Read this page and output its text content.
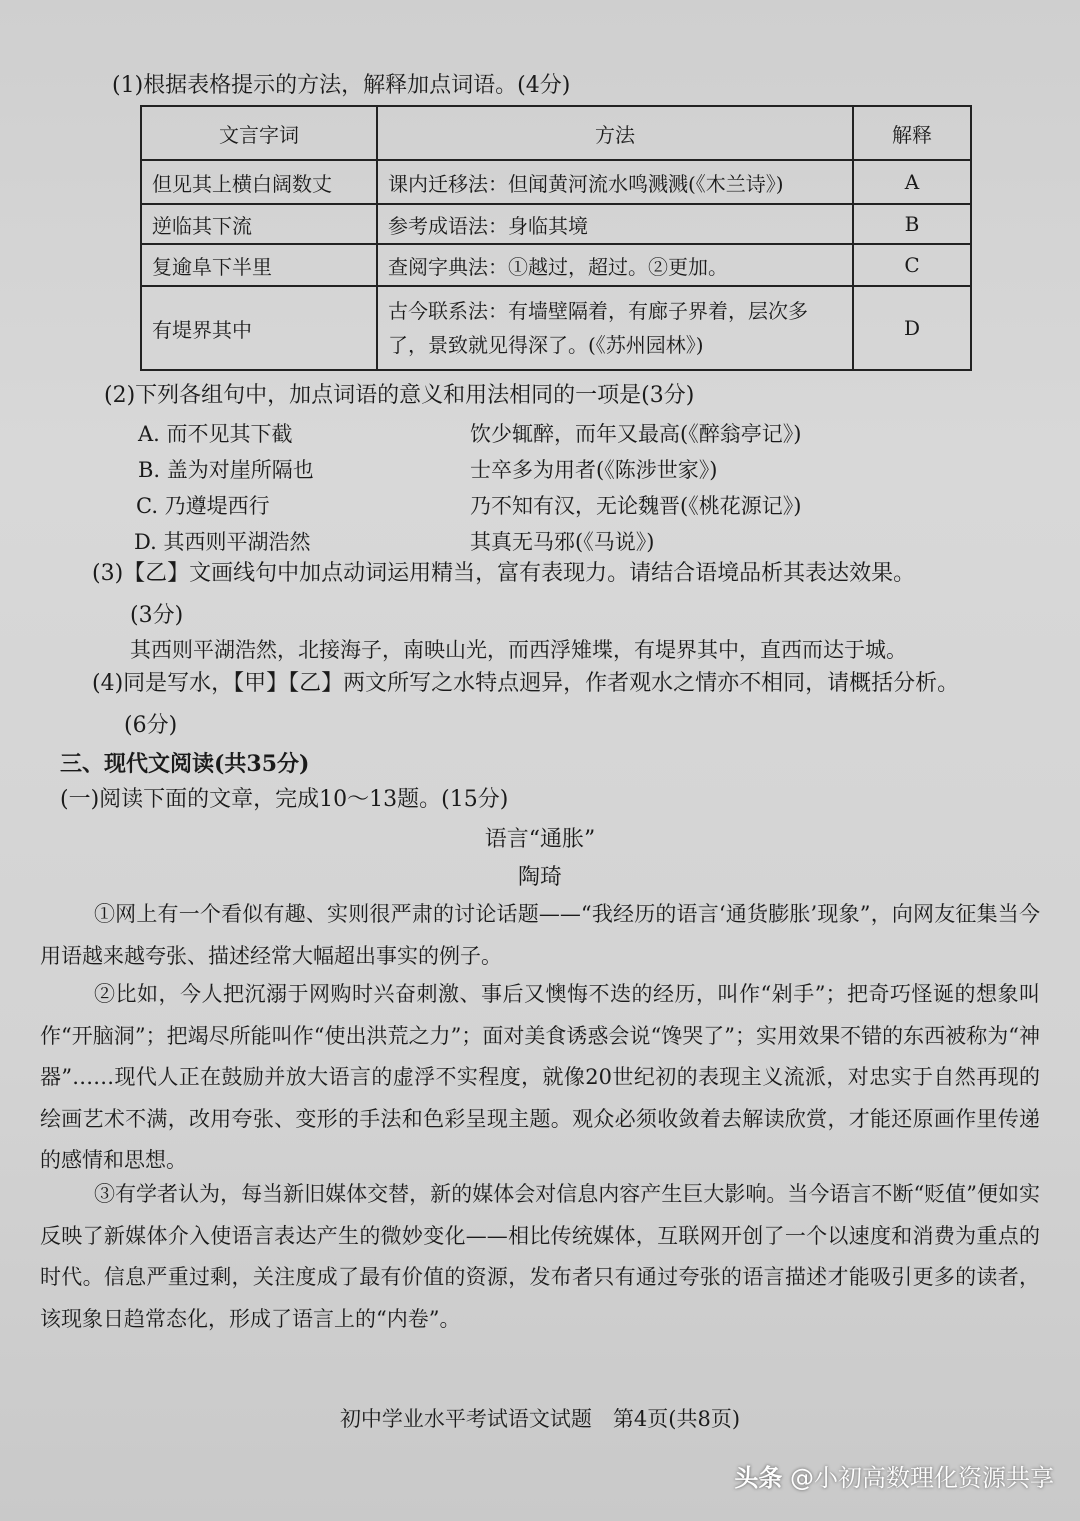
(1)根据表格提示的方法，解释加点词语。(4分)
文言字词	方法	解释
但见其上横白阔数丈	课内迁移法：但闻黄河流水鸣溅溅(《木兰诗》)	A
逆临其下流	参考成语法：身临其境	B
复逾阜下半里	查阅字典法：①越过，超过。②更加。	C
有堤界其中	古今联系法：有墙壁隔着，有廊子界着，层次多了，景致就见得深了。(《苏州园林》)	D
(2)下列各组句中，加点词语的意义和用法相同的一项是(3分)
A. 而不见其下截	饮少辄醉，而年又最高(《醉翁亭记》)
B. 盖为对崖所隔也	士卒多为用者(《陈涉世家》)
C. 乃遵堤西行	乃不知有汉，无论魏晋(《桃花源记》)
D. 其西则平湖浩然	其真无马邪(《马说》)
(3)【乙】文画线句中加点动词运用精当，富有表现力。请结合语境品析其表达效果。
(3分)
其西则平湖浩然，北接海子，南映山光，而西浮雉堞，有堤界其中，直西而达于城。
(4)同是写水，【甲】【乙】两文所写之水特点迥异，作者观水之情亦不相同，请概括分析。
(6分)
三、现代文阅读(共35分)
(一)阅读下面的文章，完成10～13题。(15分)
语言“通胀”
陶琦
①网上有一个看似有趣、实则很严肃的讨论话题——“我经历的语言‘通货膨胀’现象”，向网友征集当今用语越来越夸张、描述经常大幅超出事实的例子。
②比如，今人把沉溺于网购时兴奋刺激、事后又懊悔不迭的经历，叫作“剁手”；把奇巧怪诞的想象叫作“开脑洞”；把竭尽所能叫作“使出洪荒之力”；面对美食诱惑会说“馋哭了”；实用效果不错的东西被称为“神器”……现代人正在鼓励并放大语言的虚浮不实程度，就像20世纪初的表现主义流派，对忠实于自然再现的绘画艺术不满，改用夸张、变形的手法和色彩呈现主题。观众必须收敛着去解读欣赏，才能还原画作里传递的感情和思想。
③有学者认为，每当新旧媒体交替，新的媒体会对信息内容产生巨大影响。当今语言不断“贬值”便如实反映了新媒体介入使语言表达产生的微妙变化——相比传统媒体，互联网开创了一个以速度和消费为重点的时代。信息严重过剩，关注度成了最有价值的资源，发布者只有通过夸张的语言描述才能吸引更多的读者，该现象日趋常态化，形成了语言上的“内卷”。
初中学业水平考试语文试题　第4页(共8页)
头条 @小初高数理化资源共享
